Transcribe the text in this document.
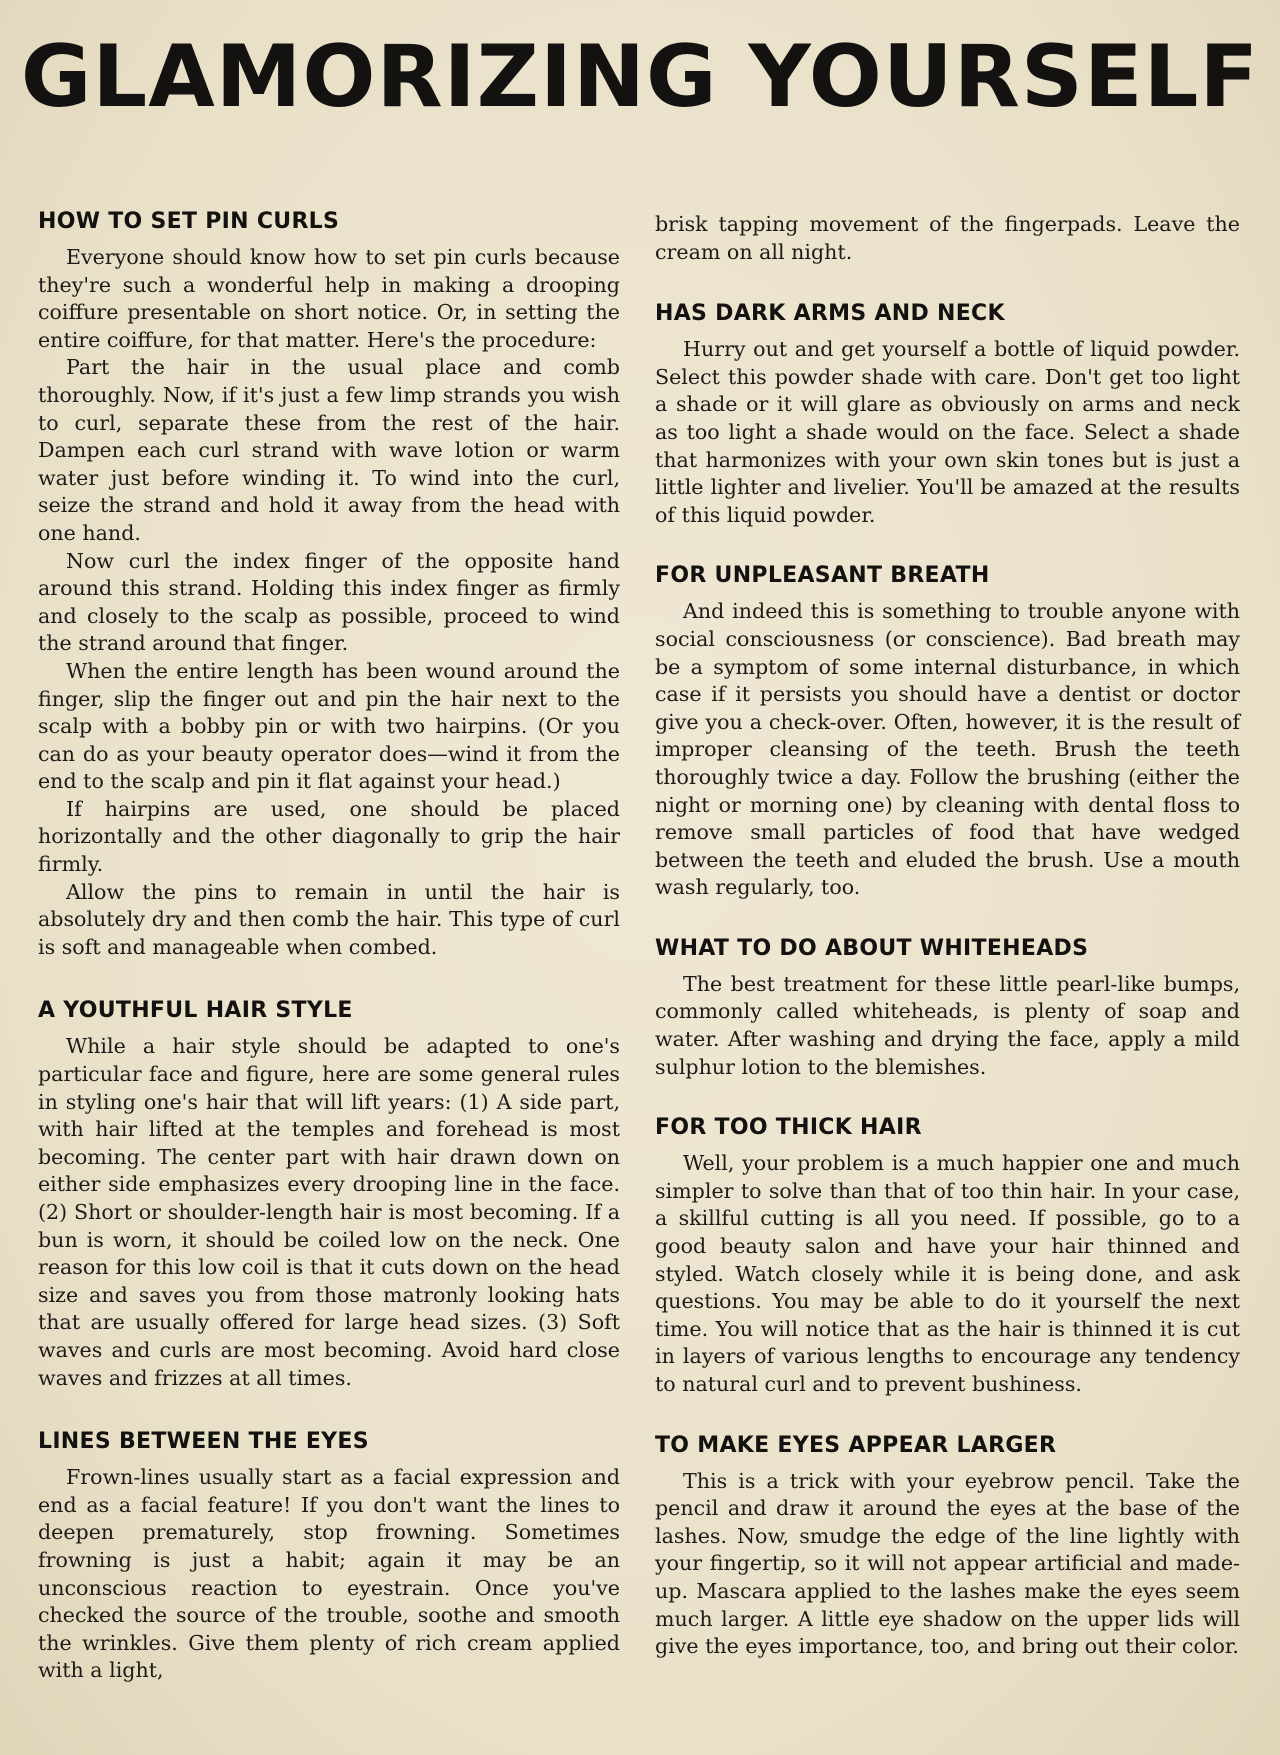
GLAMORIZING YOURSELF
HOW TO SET PIN CURLS

Everyone should know how to set pin curls because they're such a wonderful help in making a drooping coiffure presentable on short notice. Or, in setting the entire coiffure, for that matter. Here's the procedure:

Part the hair in the usual place and comb thoroughly. Now, if it's just a few limp strands you wish to curl, separate these from the rest of the hair. Dampen each curl strand with wave lotion or warm water just before winding it. To wind into the curl, seize the strand and hold it away from the head with one hand.

Now curl the index finger of the opposite hand around this strand. Holding this index finger as firmly and closely to the scalp as possible, proceed to wind the strand around that finger.

When the entire length has been wound around the finger, slip the finger out and pin the hair next to the scalp with a bobby pin or with two hairpins. (Or you can do as your beauty operator does—wind it from the end to the scalp and pin it flat against your head.)

If hairpins are used, one should be placed horizontally and the other diagonally to grip the hair firmly.

Allow the pins to remain in until the hair is absolutely dry and then comb the hair. This type of curl is soft and manageable when combed.

A YOUTHFUL HAIR STYLE

While a hair style should be adapted to one's particular face and figure, here are some general rules in styling one's hair that will lift years: (1) A side part, with hair lifted at the temples and forehead is most becoming. The center part with hair drawn down on either side emphasizes every drooping line in the face. (2) Short or shoulder-length hair is most becoming. If a bun is worn, it should be coiled low on the neck. One reason for this low coil is that it cuts down on the head size and saves you from those matronly looking hats that are usually offered for large head sizes. (3) Soft waves and curls are most becoming. Avoid hard close waves and frizzes at all times.

LINES BETWEEN THE EYES

Frown-lines usually start as a facial expression and end as a facial feature! If you don't want the lines to deepen prematurely, stop frowning. Sometimes frowning is just a habit; again it may be an unconscious reaction to eyestrain. Once you've checked the source of the trouble, soothe and smooth the wrinkles. Give them plenty of rich cream applied with a light,

brisk tapping movement of the fingerpads. Leave the cream on all night.

HAS DARK ARMS AND NECK

Hurry out and get yourself a bottle of liquid powder. Select this powder shade with care. Don't get too light a shade or it will glare as obviously on arms and neck as too light a shade would on the face. Select a shade that harmonizes with your own skin tones but is just a little lighter and livelier. You'll be amazed at the results of this liquid powder.

FOR UNPLEASANT BREATH

And indeed this is something to trouble anyone with social consciousness (or conscience). Bad breath may be a symptom of some internal disturbance, in which case if it persists you should have a dentist or doctor give you a check-over. Often, however, it is the result of improper cleansing of the teeth. Brush the teeth thoroughly twice a day. Follow the brushing (either the night or morning one) by cleaning with dental floss to remove small particles of food that have wedged between the teeth and eluded the brush. Use a mouth wash regularly, too.

WHAT TO DO ABOUT WHITEHEADS

The best treatment for these little pearl-like bumps, commonly called whiteheads, is plenty of soap and water. After washing and drying the face, apply a mild sulphur lotion to the blemishes.

FOR TOO THICK HAIR

Well, your problem is a much happier one and much simpler to solve than that of too thin hair. In your case, a skillful cutting is all you need. If possible, go to a good beauty salon and have your hair thinned and styled. Watch closely while it is being done, and ask questions. You may be able to do it yourself the next time. You will notice that as the hair is thinned it is cut in layers of various lengths to encourage any tendency to natural curl and to prevent bushiness.

TO MAKE EYES APPEAR LARGER

This is a trick with your eyebrow pencil. Take the pencil and draw it around the eyes at the base of the lashes. Now, smudge the edge of the line lightly with your fingertip, so it will not appear artificial and made-up. Mascara applied to the lashes make the eyes seem much larger. A little eye shadow on the upper lids will give the eyes importance, too, and bring out their color.
